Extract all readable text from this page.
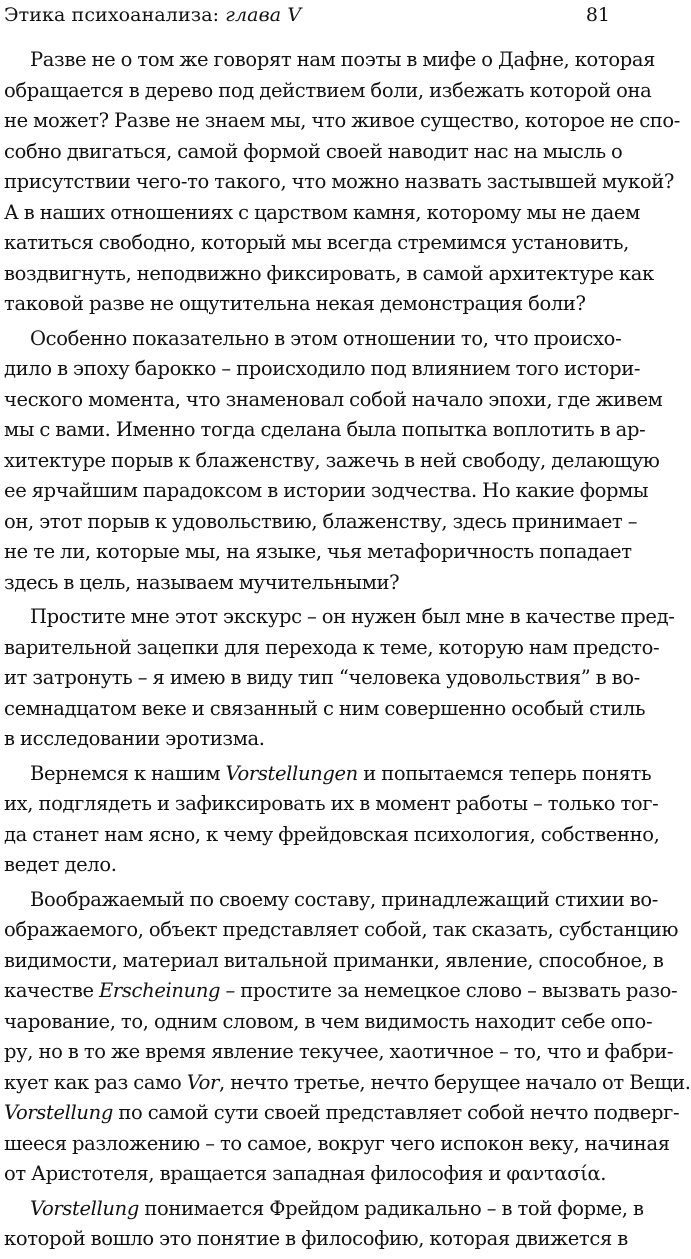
Этика психоанализа: глава V	81
Разве не о том же говорят нам поэты в мифе о Дафне, которая
обращается в дерево под действием боли, избежать которой она
не может? Разве не знаем мы, что живое существо, которое не спо-
собно двигаться, самой формой своей наводит нас на мысль о
присутствии чего-то такого, что можно назвать застывшей мукой?
А в наших отношениях с царством камня, которому мы не даем
катиться свободно, который мы всегда стремимся установить,
воздвигнуть, неподвижно фиксировать, в самой архитектуре как
таковой разве не ощутительна некая демонстрация боли?
Особенно показательно в этом отношении то, что происхо-
дило в эпоху барокко – происходило под влиянием того истори-
ческого момента, что знаменовал собой начало эпохи, где живем
мы с вами. Именно тогда сделана была попытка воплотить в ар-
хитектуре порыв к блаженству, зажечь в ней свободу, делающую
ее ярчайшим парадоксом в истории зодчества. Но какие формы
он, этот порыв к удовольствию, блаженству, здесь принимает –
не те ли, которые мы, на языке, чья метафоричность попадает
здесь в цель, называем мучительными?
Простите мне этот экскурс – он нужен был мне в качестве пред-
варительной зацепки для перехода к теме, которую нам предсто-
ит затронуть – я имею в виду тип “человека удовольствия” в во-
семнадцатом веке и связанный с ним совершенно особый стиль
в исследовании эротизма.
Вернемся к нашим Vorstellungen и попытаемся теперь понять
их, подглядеть и зафиксировать их в момент работы – только тог-
да станет нам ясно, к чему фрейдовская психология, собственно,
ведет дело.
Воображаемый по своему составу, принадлежащий стихии во-
ображаемого, объект представляет собой, так сказать, субстанцию
видимости, материал витальной приманки, явление, способное, в
качестве Erscheinung – простите за немецкое слово – вызвать разо-
чарование, то, одним словом, в чем видимость находит себе опо-
ру, но в то же время явление текучее, хаотичное – то, что и фабри-
кует как раз само Vor, нечто третье, нечто берущее начало от Вещи.
Vorstellung по самой сути своей представляет собой нечто подверг-
шееся разложению – то самое, вокруг чего испокон веку, начиная
от Аристотеля, вращается западная философия и φαντασία.
Vorstellung понимается Фрейдом радикально – в той форме, в
которой вошло это понятие в философию, которая движется в
